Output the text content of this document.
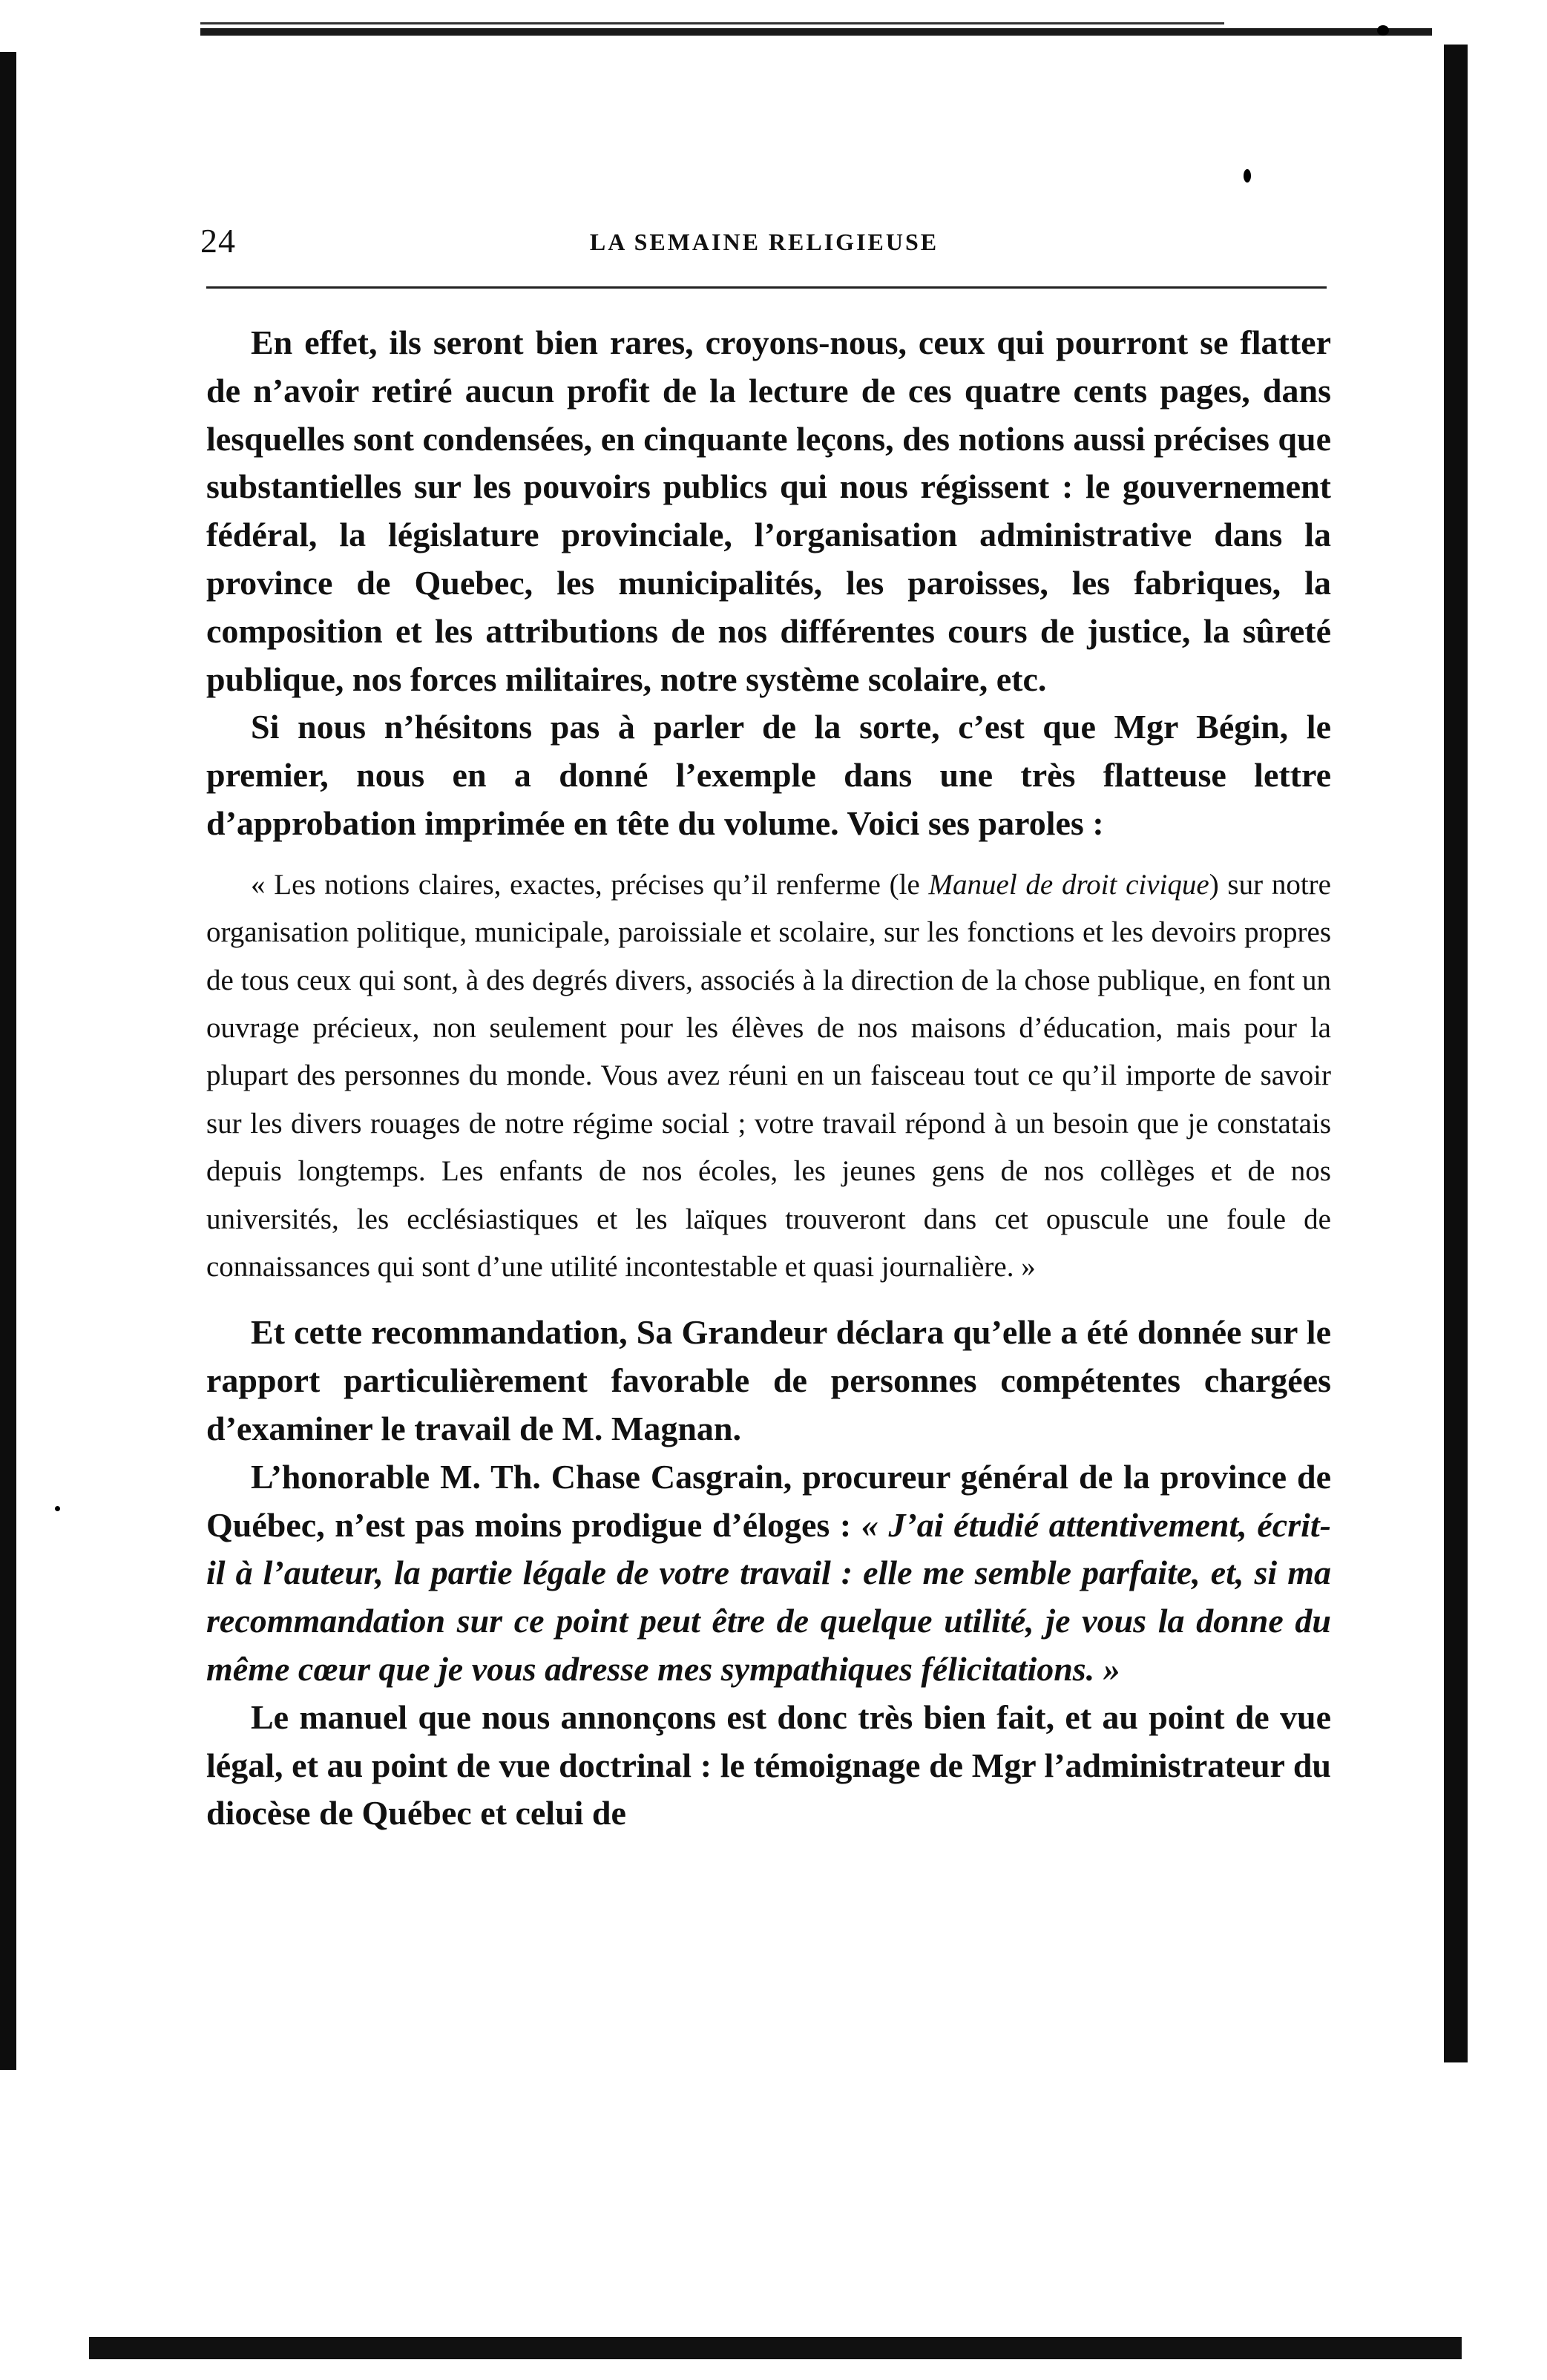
24	LA SEMAINE RELIGIEUSE

En effet, ils seront bien rares, croyons-nous, ceux qui pourront se flatter de n’avoir retiré aucun profit de la lecture de ces quatre cents pages, dans lesquelles sont condensées, en cinquante leçons, des notions aussi précises que substantielles sur les pouvoirs publics qui nous régissent : le gouvernement fédéral, la législature provinciale, l’organisation administrative dans la province de Quebec, les municipalités, les paroisses, les fabriques, la composition et les attributions de nos différentes cours de justice, la sûreté publique, nos forces militaires, notre système scolaire, etc.

Si nous n’hésitons pas à parler de la sorte, c’est que Mgr Bégin, le premier, nous en a donné l’exemple dans une très flatteuse lettre d’approbation imprimée en tête du volume. Voici ses paroles :

« Les notions claires, exactes, précises qu’il renferme (le Manuel de droit civique) sur notre organisation politique, municipale, paroissiale et scolaire, sur les fonctions et les devoirs propres de tous ceux qui sont, à des degrés divers, associés à la direction de la chose publique, en font un ouvrage précieux, non seulement pour les élèves de nos maisons d’éducation, mais pour la plupart des personnes du monde. Vous avez réuni en un faisceau tout ce qu’il importe de savoir sur les divers rouages de notre régime social ; votre travail répond à un besoin que je constatais depuis longtemps. Les enfants de nos écoles, les jeunes gens de nos collèges et de nos universités, les ecclésiastiques et les laïques trouveront dans cet opuscule une foule de connaissances qui sont d’une utilité incontestable et quasi journalière. »

Et cette recommandation, Sa Grandeur déclara qu’elle a été donnée sur le rapport particulièrement favorable de personnes compétentes chargées d’examiner le travail de M. Magnan.

L’honorable M. Th. Chase Casgrain, procureur général de la province de Québec, n’est pas moins prodigue d’éloges : « J’ai étudié attentivement, écrit-il à l’auteur, la partie légale de votre travail : elle me semble parfaite, et, si ma recommandation sur ce point peut être de quelque utilité, je vous la donne du même cœur que je vous adresse mes sympathiques félicitations. »

Le manuel que nous annonçons est donc très bien fait, et au point de vue légal, et au point de vue doctrinal : le témoignage de Mgr l’administrateur du diocèse de Québec et celui de
